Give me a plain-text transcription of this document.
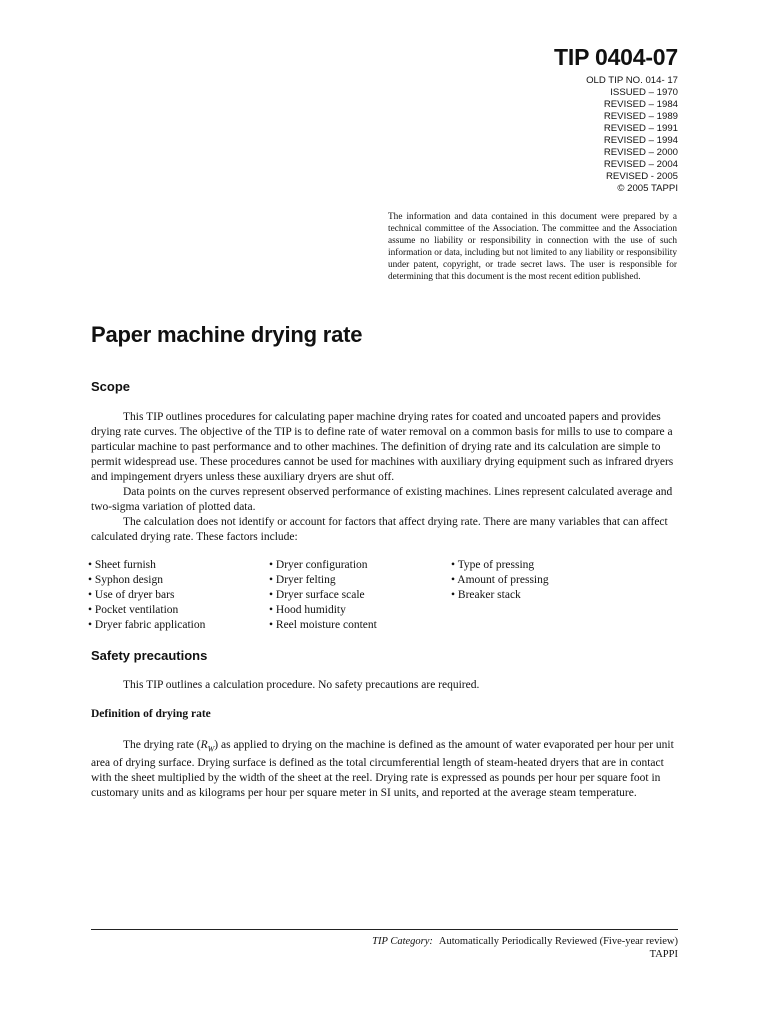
TIP 0404-07
OLD TIP NO. 014- 17
ISSUED – 1970
REVISED – 1984
REVISED – 1989
REVISED – 1991
REVISED – 1994
REVISED – 2000
REVISED – 2004
REVISED - 2005
© 2005 TAPPI
The information and data contained in this document were prepared by a technical committee of the Association. The committee and the Association assume no liability or responsibility in connection with the use of such information or data, including but not limited to any liability or responsibility under patent, copyright, or trade secret laws. The user is responsible for determining that this document is the most recent edition published.
Paper machine drying rate
Scope

This TIP outlines procedures for calculating paper machine drying rates for coated and uncoated papers and provides drying rate curves. The objective of the TIP is to define rate of water removal on a common basis for mills to use to compare a particular machine to past performance and to other machines. The definition of drying rate and its calculation are simple to permit widespread use. These procedures cannot be used for machines with auxiliary drying equipment such as infrared dryers and impingement dryers unless these auxiliary dryers are shut off.

Data points on the curves represent observed performance of existing machines. Lines represent calculated average and two-sigma variation of plotted data.

The calculation does not identify or account for factors that affect drying rate. There are many variables that can affect calculated drying rate. These factors include:

• Sheet furnish
• Syphon design
• Use of dryer bars
• Pocket ventilation
• Dryer fabric application
• Dryer configuration
• Dryer felting
• Dryer surface scale
• Hood humidity
• Reel moisture content
• Type of pressing
• Amount of pressing
• Breaker stack
Safety precautions

This TIP outlines a calculation procedure. No safety precautions are required.

Definition of drying rate

The drying rate $(R_W)$ as applied to drying on the machine is defined as the amount of water evaporated per hour per unit area of drying surface. Drying surface is defined as the total circumferential length of steam-heated dryers that are in contact with the sheet multiplied by the width of the sheet at the reel. Drying rate is expressed as pounds per hour per square foot in customary units and as kilograms per hour per square meter in SI units, and reported at the average steam temperature.

TIP Category: Automatically Periodically Reviewed (Five-year review)
TAPPI
